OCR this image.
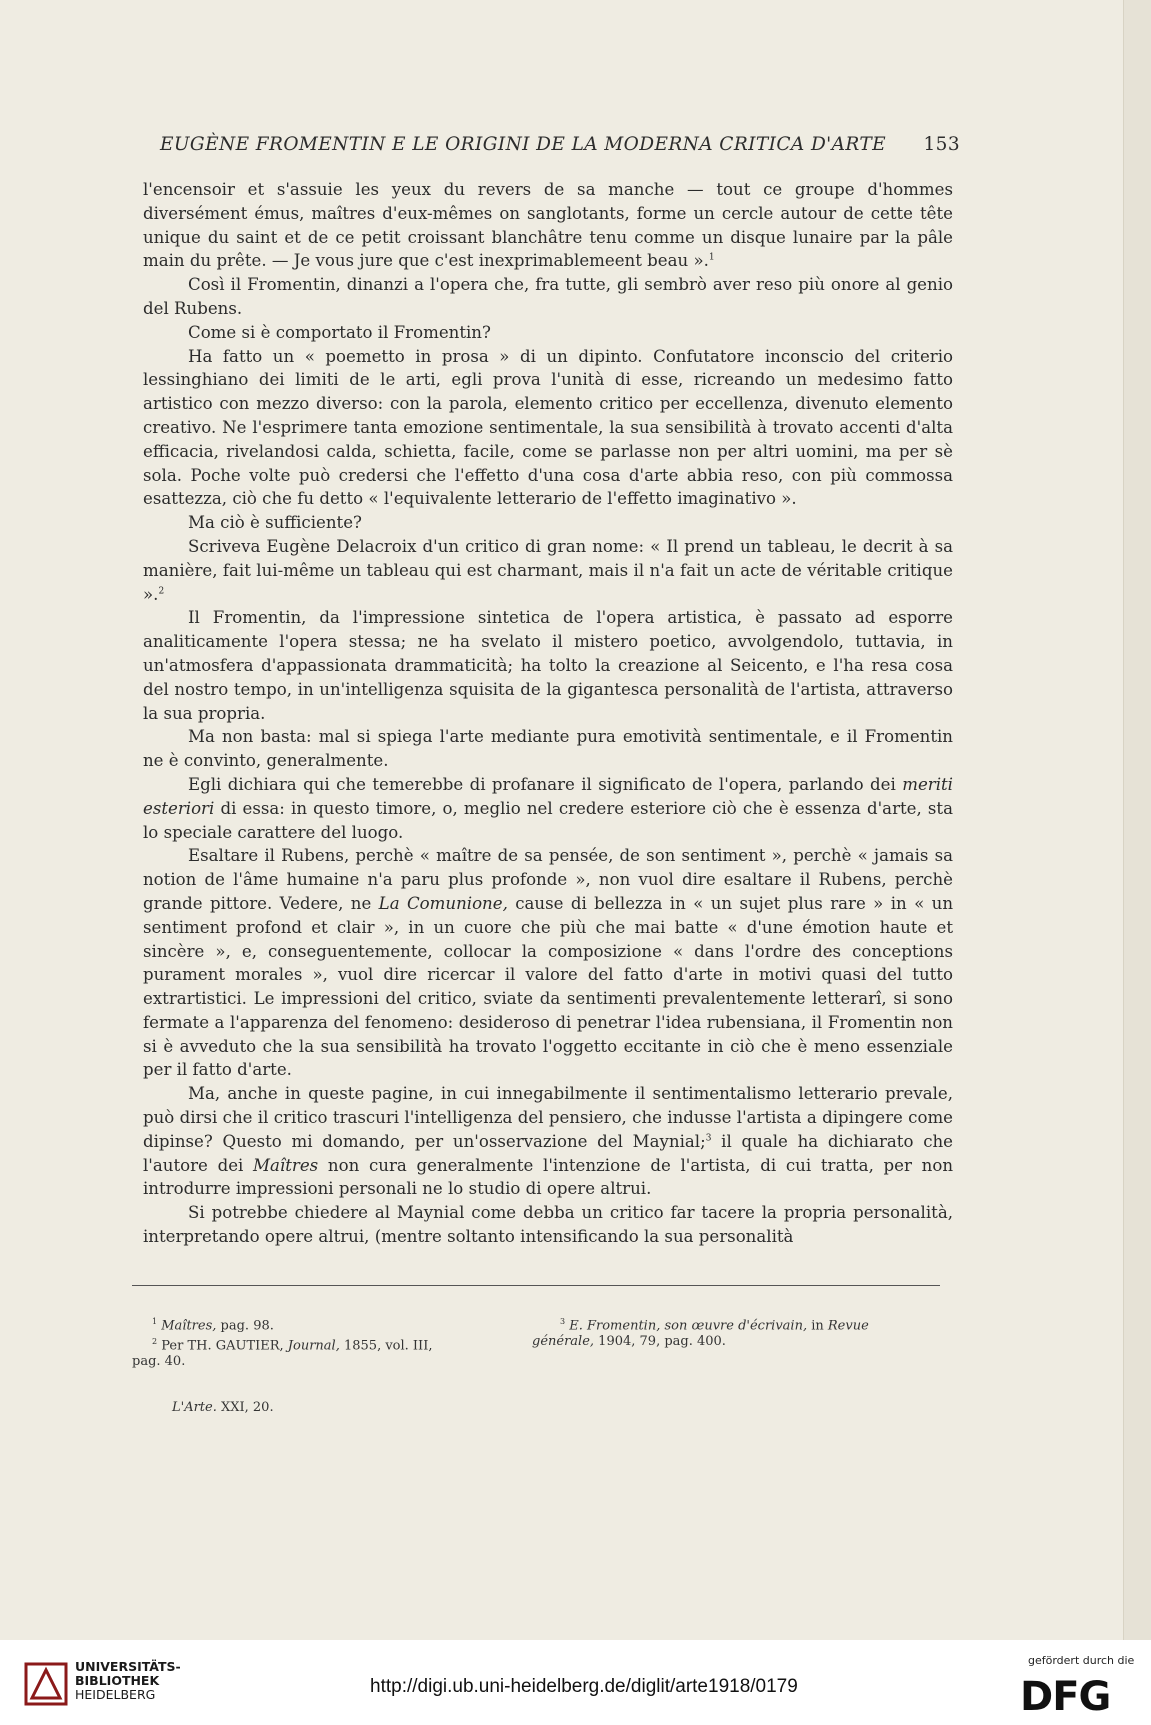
EUGÈNE FROMENTIN E LE ORIGINI DE LA MODERNA CRITICA D'ARTE 153

l'encensoir et s'assuie les yeux du revers de sa manche — tout ce groupe d'hommes diversément émus, maîtres d'eux-mêmes on sanglotants, forme un cercle autour de cette tête unique du saint et de ce petit croissant blanchâtre tenu comme un disque lunaire par la pâle main du prête. — Je vous jure que c'est inexprimablemeent beau ».$^1$

Così il Fromentin, dinanzi a l'opera che, fra tutte, gli sembrò aver reso più onore al genio del Rubens.

Come si è comportato il Fromentin?

Ha fatto un « poemetto in prosa » di un dipinto. Confutatore inconscio del criterio lessinghiano dei limiti de le arti, egli prova l'unità di esse, ricreando un medesimo fatto artistico con mezzo diverso: con la parola, elemento critico per eccellenza, divenuto elemento creativo. Ne l'esprimere tanta emozione sentimentale, la sua sensibilità à trovato accenti d'alta efficacia, rivelandosi calda, schietta, facile, come se parlasse non per altri uomini, ma per sè sola. Poche volte può credersi che l'effetto d'una cosa d'arte abbia reso, con più commossa esattezza, ciò che fu detto « l'equivalente letterario de l'effetto imaginativo ».

Ma ciò è sufficiente?

Scriveva Eugène Delacroix d'un critico di gran nome: « Il prend un tableau, le decrit à sa manière, fait lui-même un tableau qui est charmant, mais il n'a fait un acte de véritable critique ».$^2$

Il Fromentin, da l'impressione sintetica de l'opera artistica, è passato ad esporre analiticamente l'opera stessa; ne ha svelato il mistero poetico, avvolgendolo, tuttavia, in un'atmosfera d'appassionata drammaticità; ha tolto la creazione al Seicento, e l'ha resa cosa del nostro tempo, in un'intelligenza squisita de la gigantesca personalità de l'artista, attraverso la sua propria.

Ma non basta: mal si spiega l'arte mediante pura emotività sentimentale, e il Fromentin ne è convinto, generalmente.

Egli dichiara qui che temerebbe di profanare il significato de l'opera, parlando dei meriti esteriori di essa: in questo timore, o, meglio nel credere esteriore ciò che è essenza d'arte, sta lo speciale carattere del luogo.

Esaltare il Rubens, perchè « maître de sa pensée, de son sentiment », perchè « jamais sa notion de l'âme humaine n'a paru plus profonde », non vuol dire esaltare il Rubens, perchè grande pittore. Vedere, ne La Comunione, cause di bellezza in « un sujet plus rare » in « un sentiment profond et clair », in un cuore che più che mai batte « d'une émotion haute et sincère », e, conseguentemente, collocar la composizione « dans l'ordre des conceptions purament morales », vuol dire ricercar il valore del fatto d'arte in motivi quasi del tutto extrartistici. Le impressioni del critico, sviate da sentimenti prevalentemente letterarî, si sono fermate a l'apparenza del fenomeno: desideroso di penetrar l'idea rubensiana, il Fromentin non si è avveduto che la sua sensibilità ha trovato l'oggetto eccitante in ciò che è meno essenziale per il fatto d'arte.

Ma, anche in queste pagine, in cui innegabilmente il sentimentalismo letterario prevale, può dirsi che il critico trascuri l'intelligenza del pensiero, che indusse l'artista a dipingere come dipinse? Questo mi domando, per un'osservazione del Maynial;$^3$ il quale ha dichiarato che l'autore dei Maîtres non cura generalmente l'intenzione de l'artista, di cui tratta, per non introdurre impressioni personali ne lo studio di opere altrui.

Si potrebbe chiedere al Maynial come debba un critico far tacere la propria personalità, interpretando opere altrui, (mentre soltanto intensificando la sua personalità

$^1$ Maîtres, pag. 98.
$^2$ Per TH. GAUTIER, Journal, 1855, vol. III,
pag. 40.
$^3$ E. Fromentin, son œuvre d'écrivain, in Revue
générale, 1904, 79, pag. 400.
L'Arte. XXI, 20.
UNIVERSITÄTS-
BIBLIOTHEK
HEIDELBERG	http://digi.ub.uni-heidelberg.de/diglit/arte1918/0179
gefördert durch die
DFG
